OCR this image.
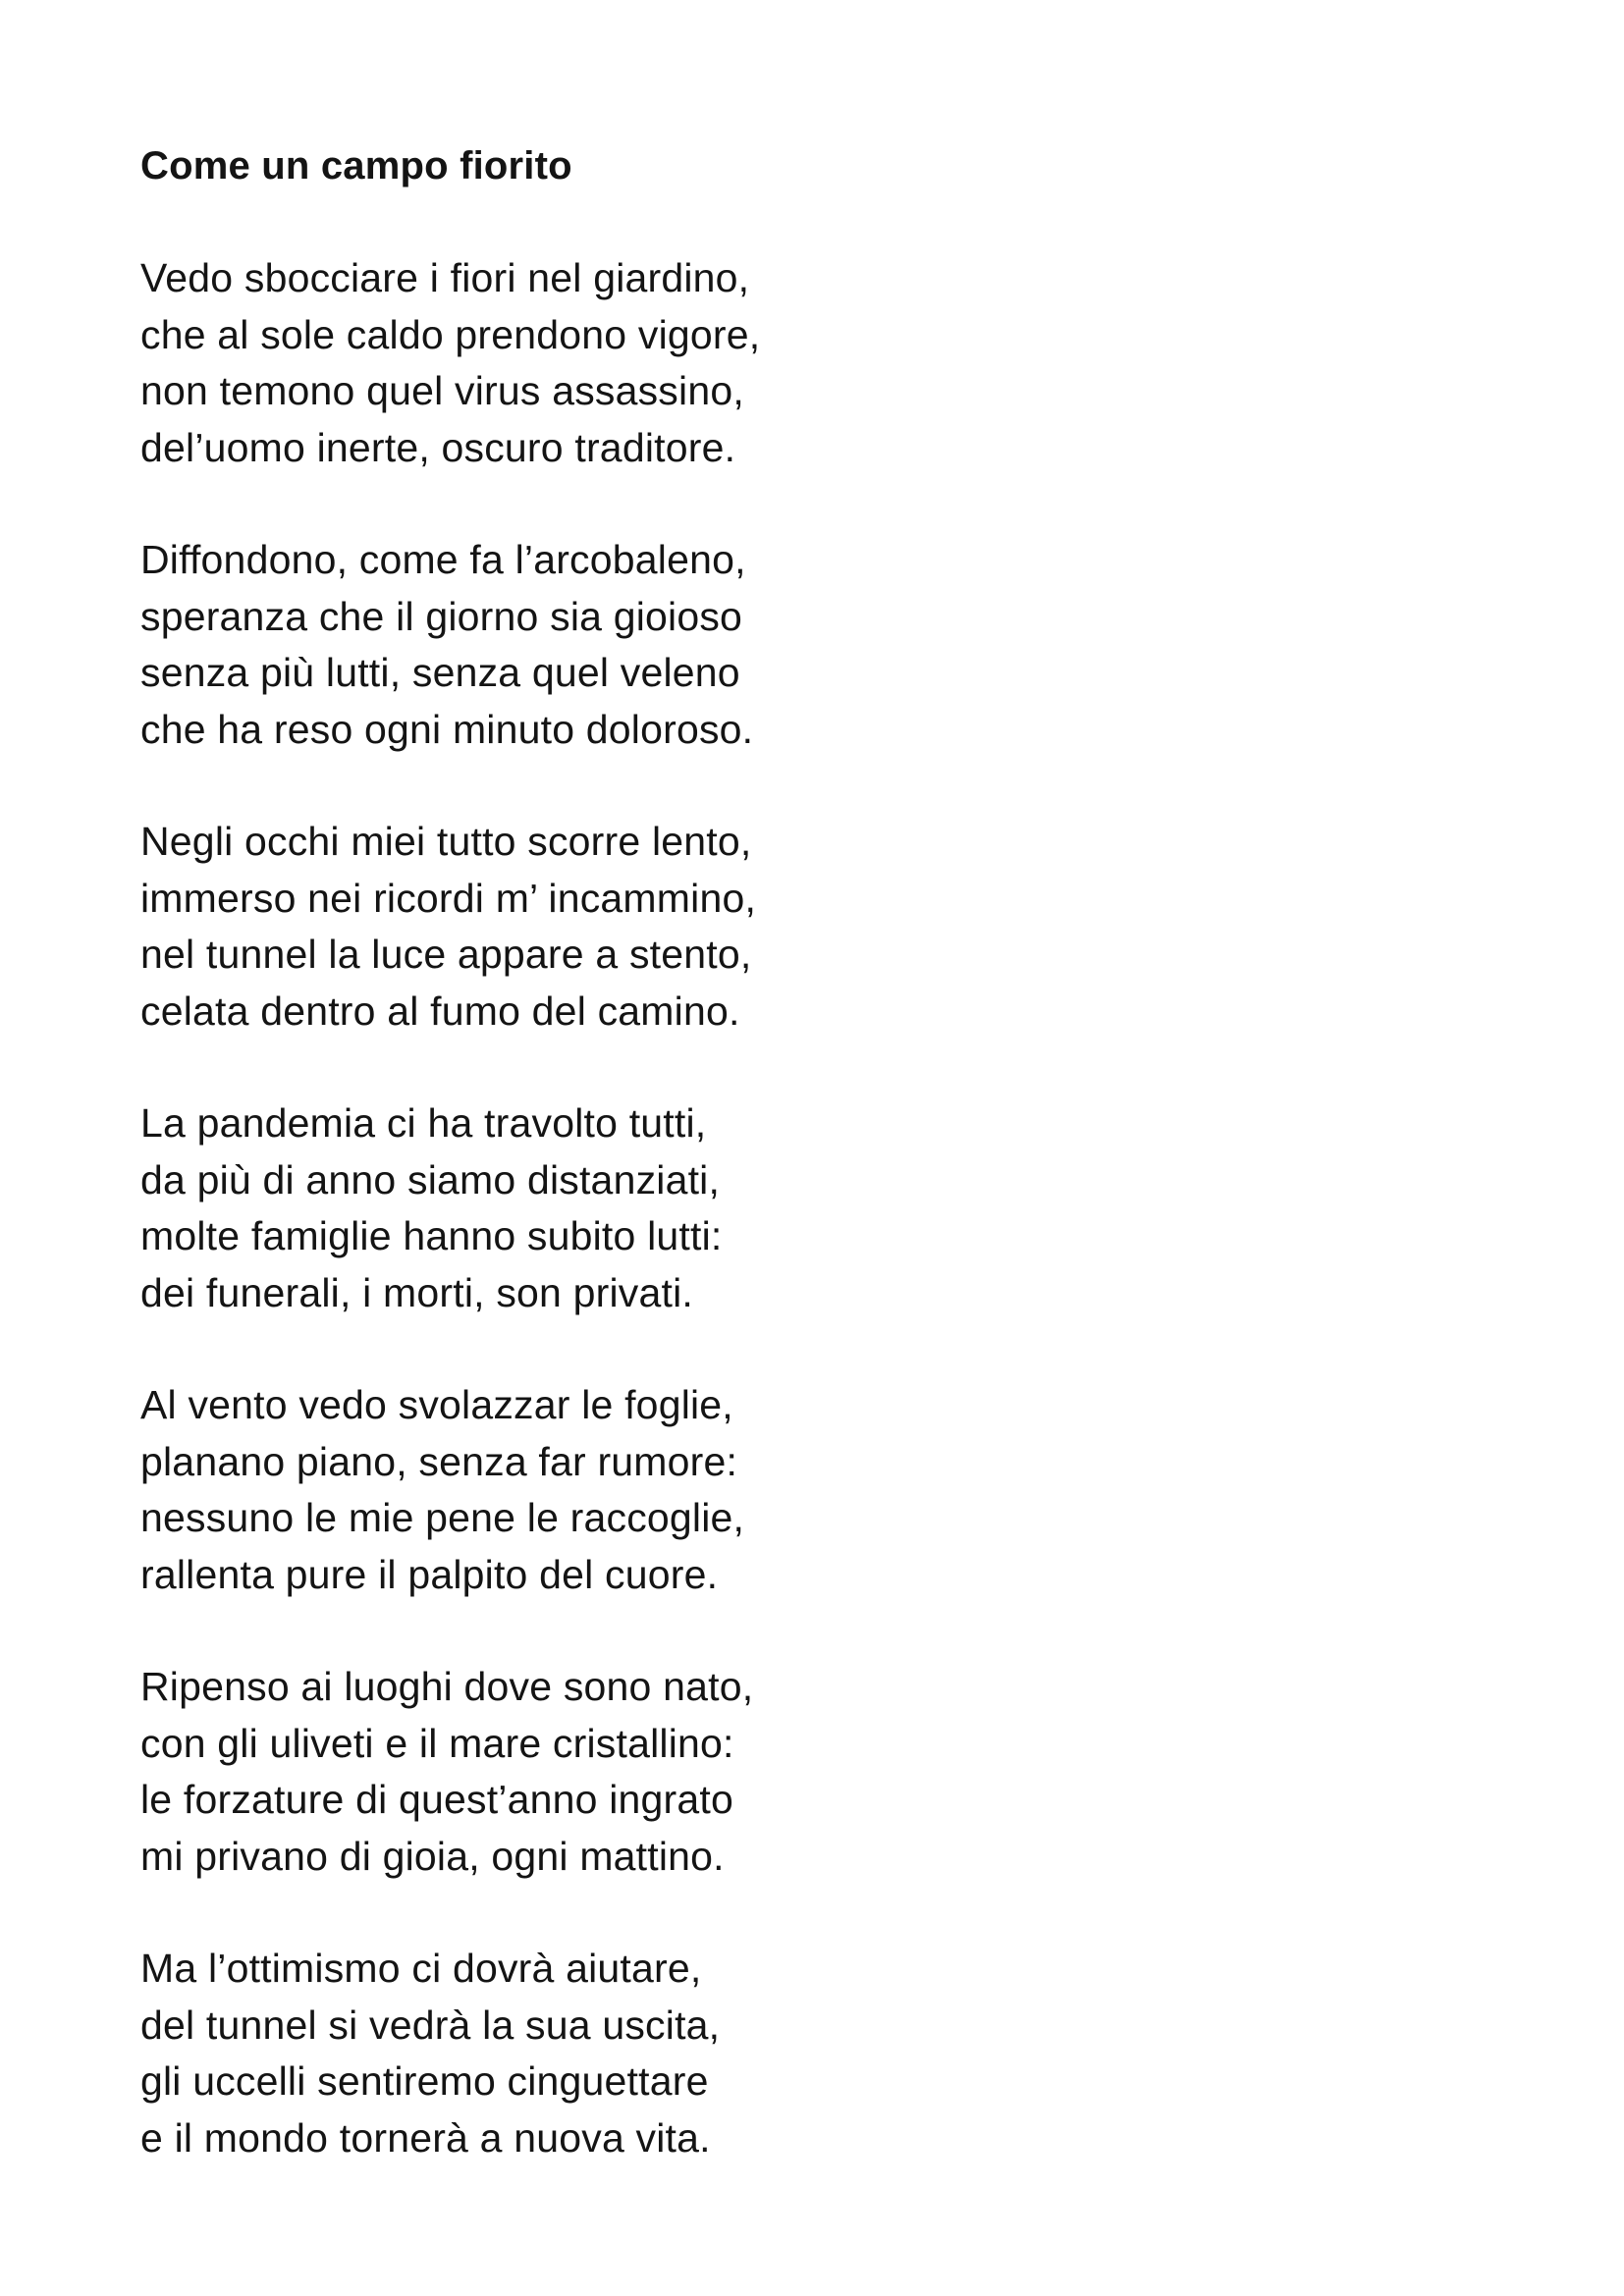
Come un campo fiorito
Vedo sbocciare i fiori nel giardino,
che al sole caldo prendono vigore,
non temono quel virus assassino,
del’uomo inerte, oscuro traditore.
Diffondono, come fa l’arcobaleno,
speranza che il giorno sia gioioso
senza più lutti, senza quel veleno
che ha reso ogni minuto doloroso.
Negli occhi miei tutto scorre lento,
immerso nei ricordi m’ incammino,
nel tunnel la luce appare a stento,
celata dentro al fumo del camino.
La pandemia ci ha travolto tutti,
da più di anno siamo distanziati,
molte famiglie hanno subito lutti:
dei funerali, i morti, son privati.
Al vento vedo svolazzar le foglie,
planano piano, senza far rumore:
nessuno le mie pene le raccoglie,
rallenta pure il palpito del cuore.
Ripenso ai luoghi dove sono nato,
con gli uliveti e il mare cristallino:
le forzature di quest’anno ingrato
mi privano di gioia, ogni mattino.
Ma l’ottimismo ci dovrà aiutare,
del tunnel si vedrà la sua uscita,
gli uccelli sentiremo cinguettare
e il mondo tornerà a nuova vita.
